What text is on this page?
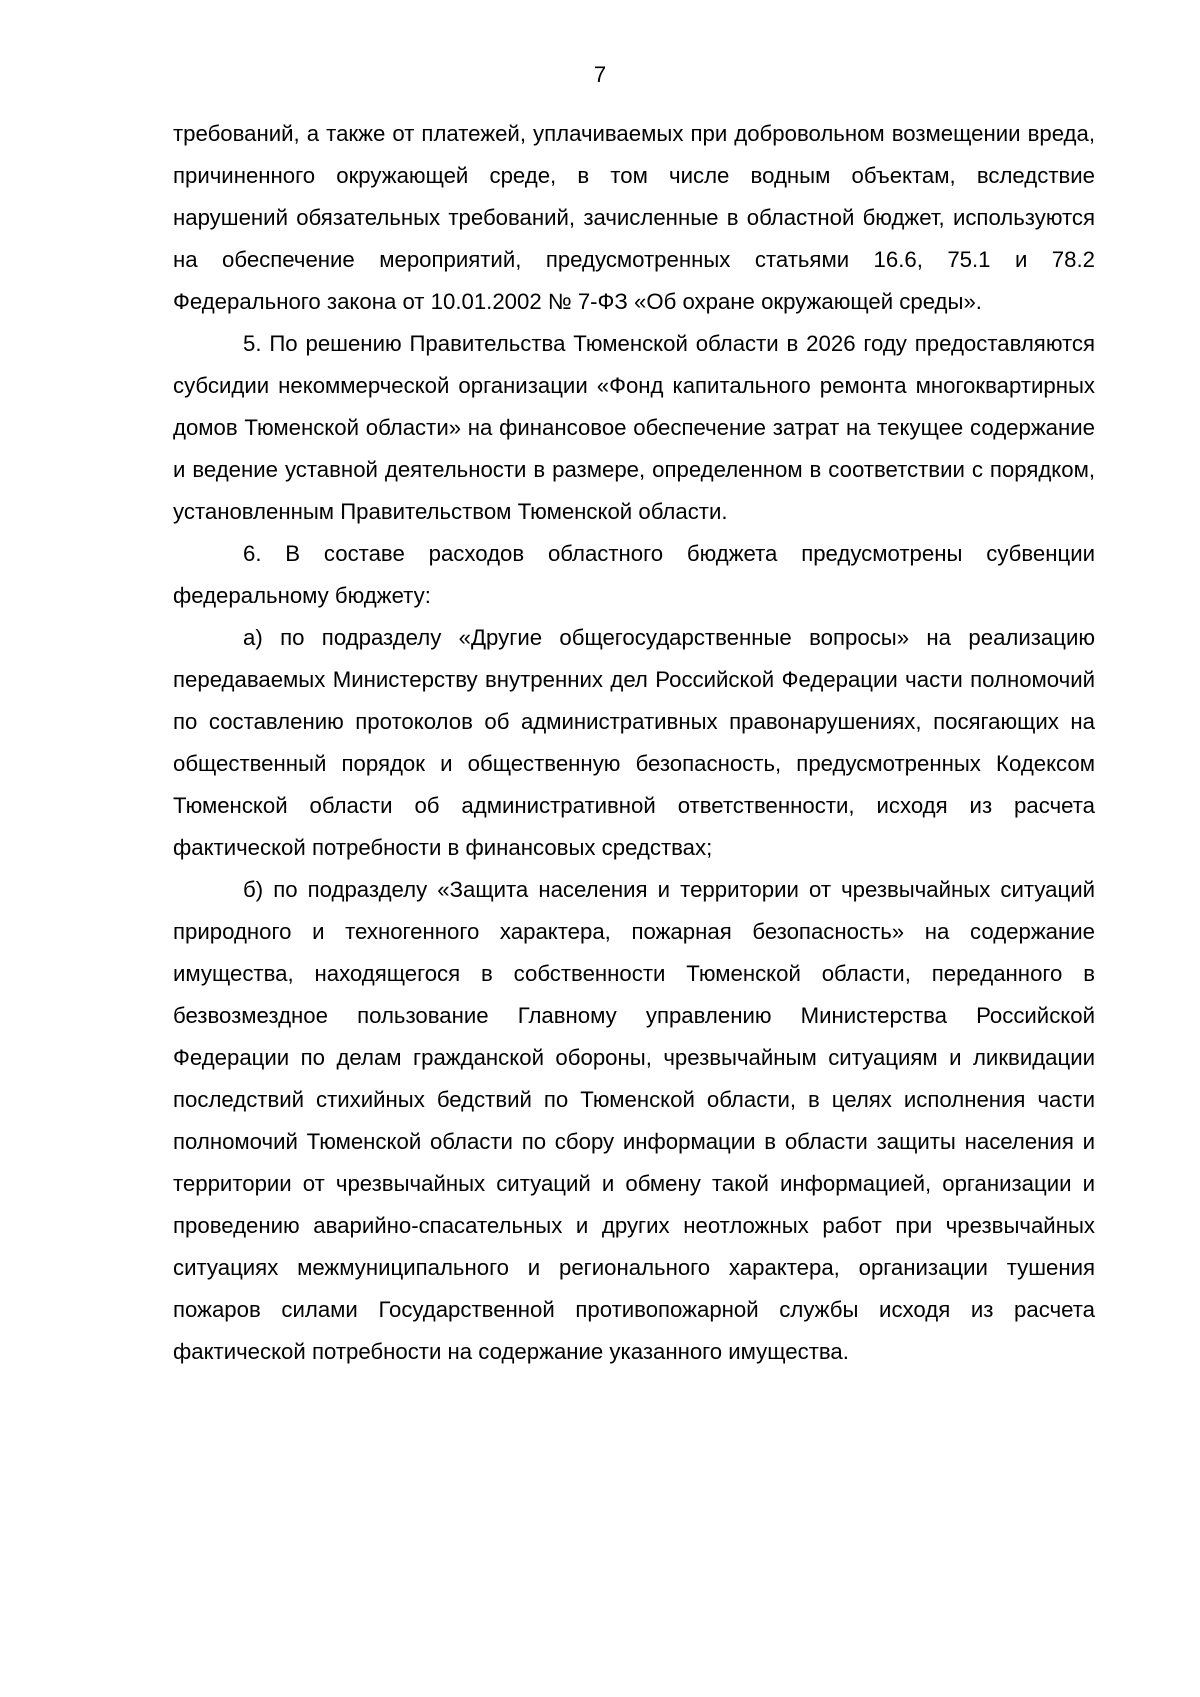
7

требований, а также от платежей, уплачиваемых при добровольном возмещении вреда, причиненного окружающей среде, в том числе водным объектам, вследствие нарушений обязательных требований, зачисленные в областной бюджет, используются на обеспечение мероприятий, предусмотренных статьями 16.6, 75.1 и 78.2 Федерального закона от 10.01.2002 № 7-ФЗ «Об охране окружающей среды».

5. По решению Правительства Тюменской области в 2026 году предоставляются субсидии некоммерческой организации «Фонд капитального ремонта многоквартирных домов Тюменской области» на финансовое обеспечение затрат на текущее содержание и ведение уставной деятельности в размере, определенном в соответствии с порядком, установленным Правительством Тюменской области.

6. В составе расходов областного бюджета предусмотрены субвенции федеральному бюджету:

а) по подразделу «Другие общегосударственные вопросы» на реализацию передаваемых Министерству внутренних дел Российской Федерации части полномочий по составлению протоколов об административных правонарушениях, посягающих на общественный порядок и общественную безопасность, предусмотренных Кодексом Тюменской области об административной ответственности, исходя из расчета фактической потребности в финансовых средствах;

б) по подразделу «Защита населения и территории от чрезвычайных ситуаций природного и техногенного характера, пожарная безопасность» на содержание имущества, находящегося в собственности Тюменской области, переданного в безвозмездное пользование Главному управлению Министерства Российской Федерации по делам гражданской обороны, чрезвычайным ситуациям и ликвидации последствий стихийных бедствий по Тюменской области, в целях исполнения части полномочий Тюменской области по сбору информации в области защиты населения и территории от чрезвычайных ситуаций и обмену такой информацией, организации и проведению аварийно-спасательных и других неотложных работ при чрезвычайных ситуациях межмуниципального и регионального характера, организации тушения пожаров силами Государственной противопожарной службы исходя из расчета фактической потребности на содержание указанного имущества.
